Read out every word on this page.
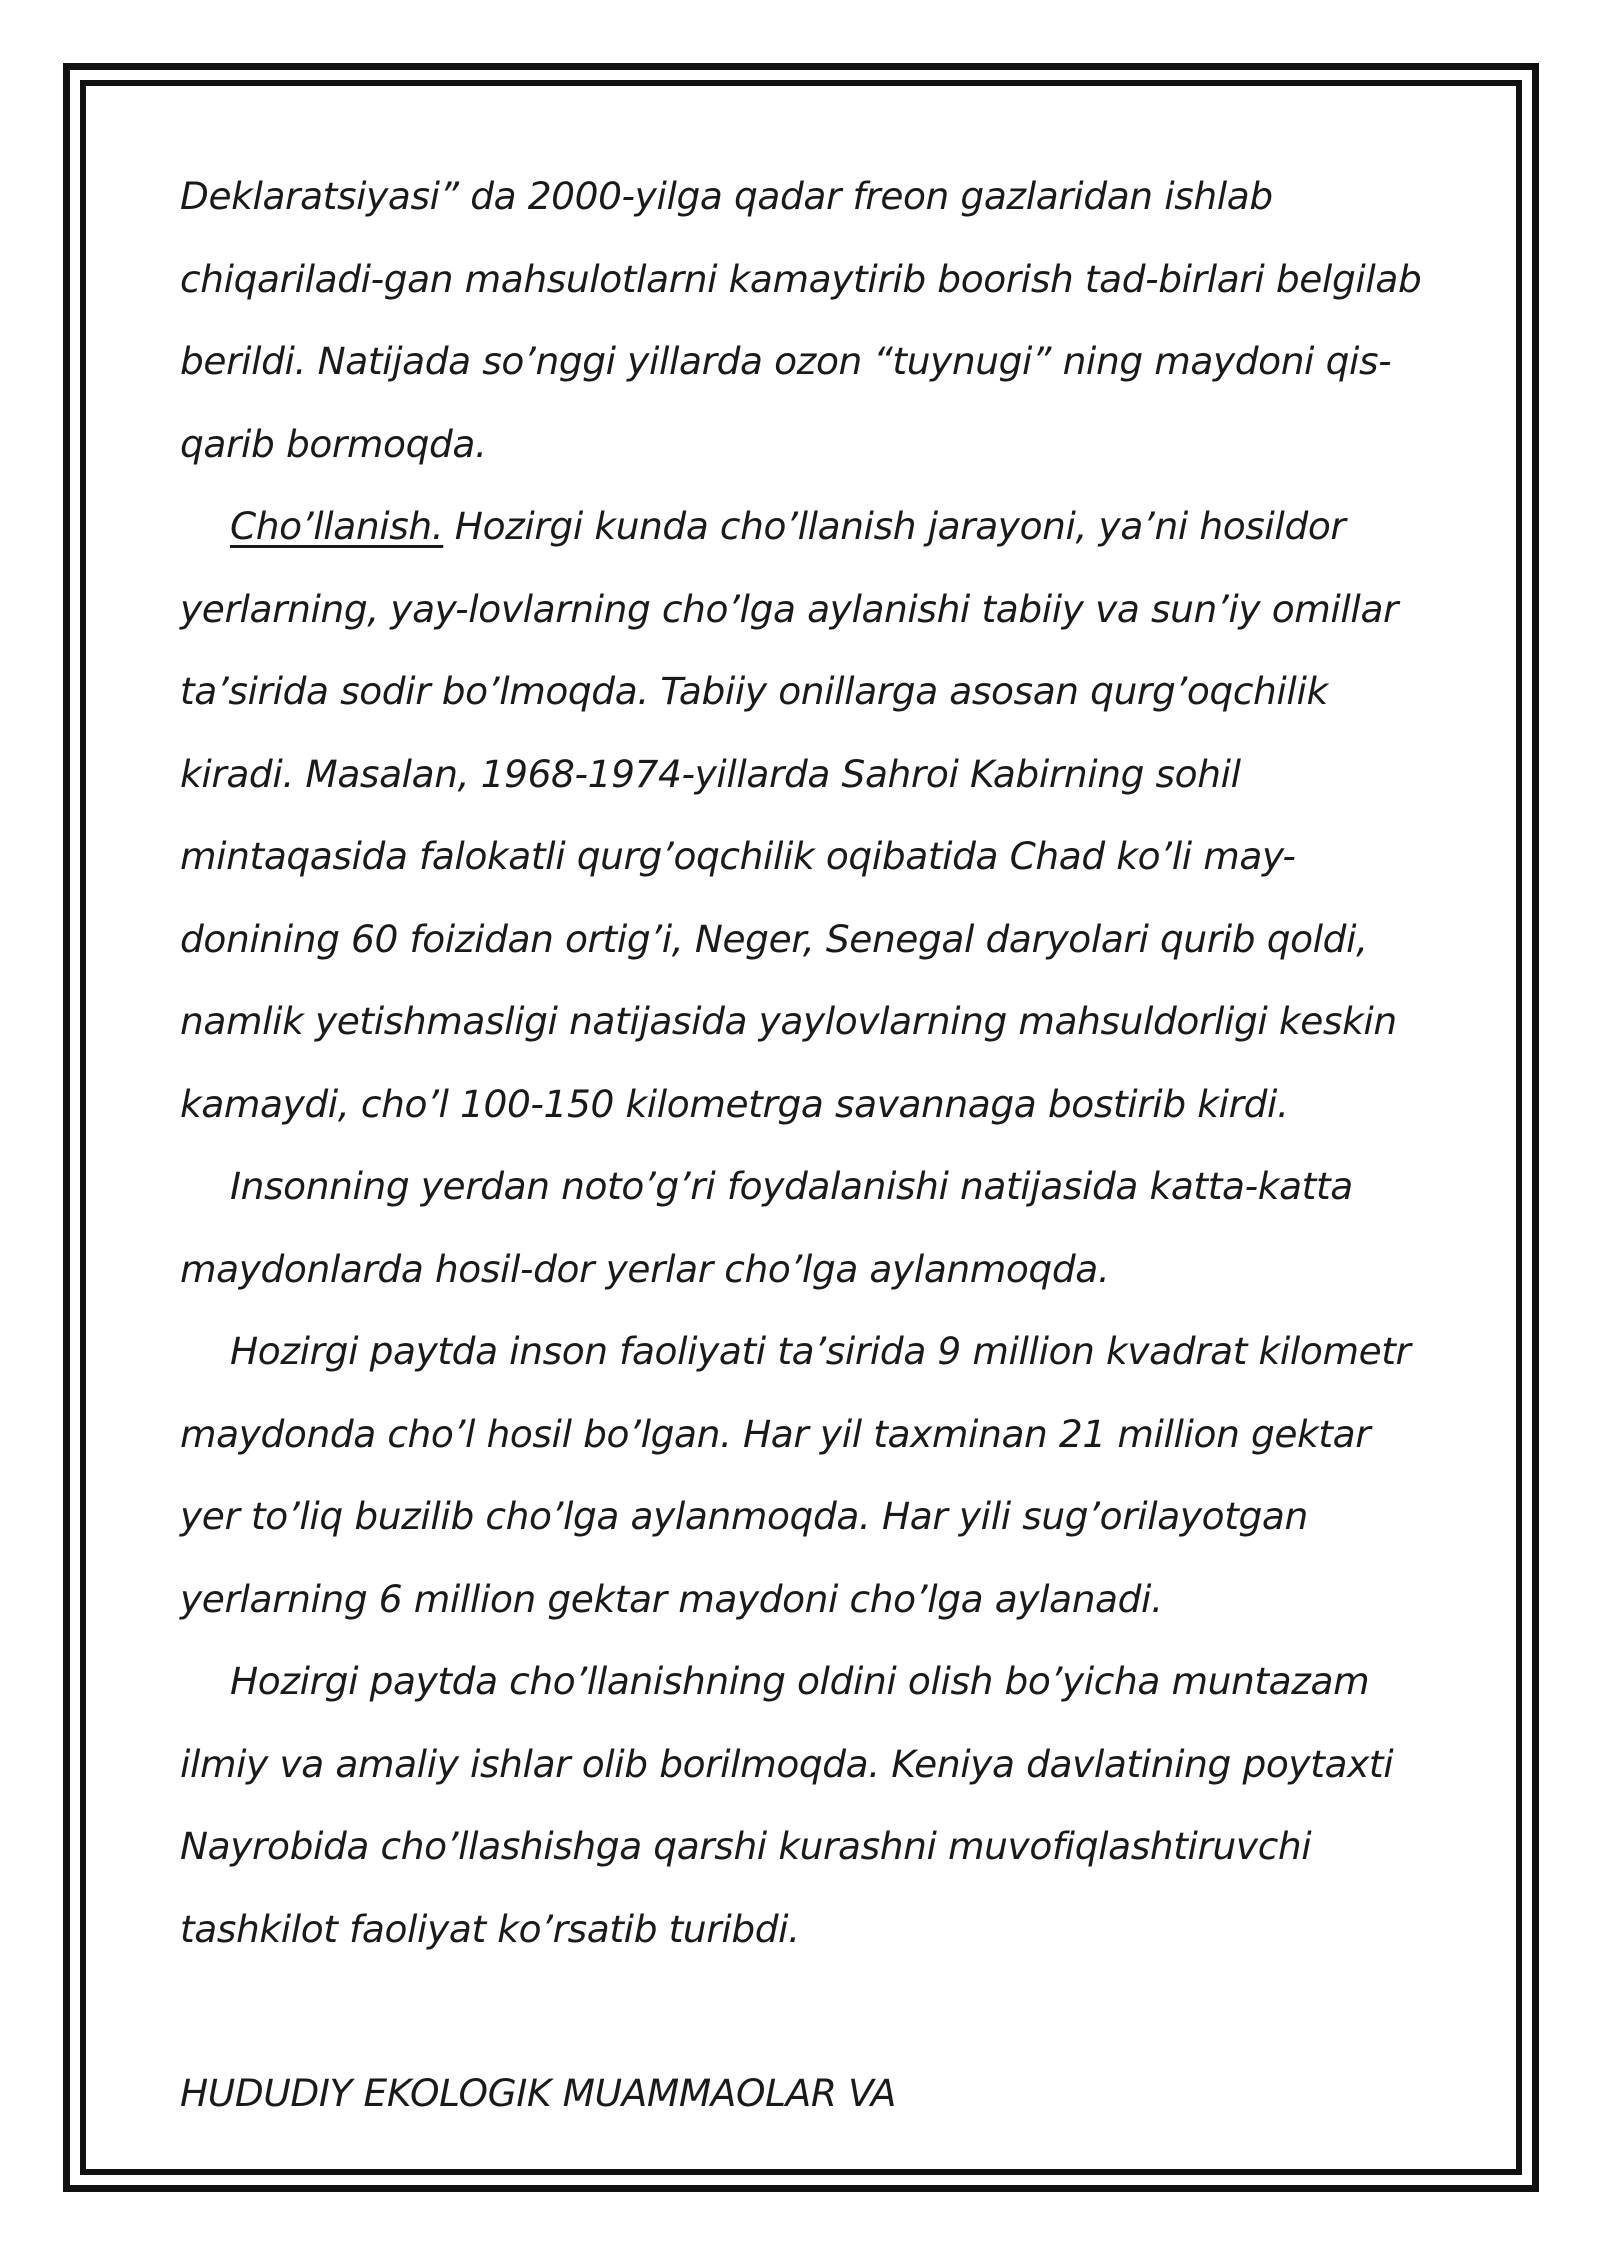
Deklaratsiyasi” da 2000-yilga qadar freon gazlaridan ishlab chiqariladi-gan mahsulotlarni kamaytirib boorish tad-birlari belgilab berildi. Natijada so’nggi yillarda ozon “tuynugi” ning maydoni qis-qarib bormoqda.

Cho’llanish. Hozirgi kunda cho’llanish jarayoni, ya’ni hosildor yerlarning, yay-lovlarning cho’lga aylanishi tabiiy va sun’iy omillar ta’sirida sodir bo’lmoqda. Tabiiy onillarga asosan qurg’oqchilik kiradi. Masalan, 1968-1974-yillarda Sahroi Kabirning sohil mintaqasida falokatli qurg’oqchilik oqibatida Chad ko’li may-donining 60 foizidan ortig’i, Neger, Senegal daryolari qurib qoldi, namlik yetishmasligi natijasida yaylovlarning mahsuldorligi keskin kamaydi, cho’l 100-150 kilometrga savannaga bostirib kirdi.

Insonning yerdan noto’g’ri foydalanishi natijasida katta-katta maydonlarda hosil-dor yerlar cho’lga aylanmoqda.

Hozirgi paytda inson faoliyati ta’sirida 9 million kvadrat kilometr maydonda cho’l hosil bo’lgan. Har yil taxminan 21 million gektar yer to’liq buzilib cho’lga aylanmoqda. Har yili sug’orilayotgan yerlarning 6 million gektar maydoni cho’lga aylanadi.

Hozirgi paytda cho’llanishning oldini olish bo’yicha muntazam ilmiy va amaliy ishlar olib borilmoqda. Keniya davlatining poytaxti Nayrobida cho’llashishga qarshi kurashni muvofiqlashtiruvchi tashkilot faoliyat ko’rsatib turibdi.

HUDUDIY EKOLOGIK MUAMMAOLAR VA
